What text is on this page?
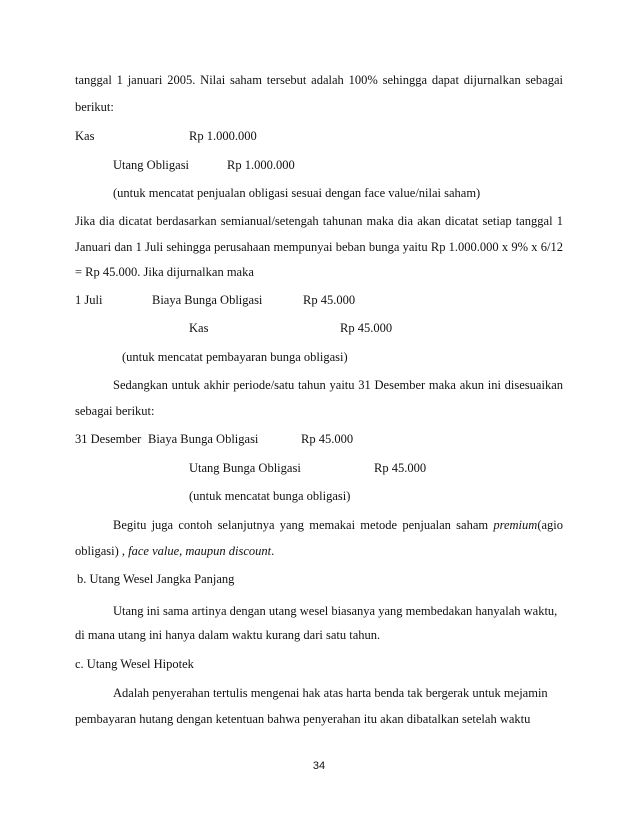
tanggal 1 januari 2005. Nilai saham tersebut adalah 100% sehingga dapat dijurnalkan sebagai
berikut:
Kas	Rp 1.000.000
Utang Obligasi	Rp 1.000.000
(untuk mencatat penjualan obligasi sesuai dengan face value/nilai saham)
Jika dia dicatat berdasarkan semianual/setengah tahunan maka dia akan dicatat setiap tanggal 1
Januari dan 1 Juli sehingga perusahaan mempunyai beban bunga yaitu Rp 1.000.000 x 9% x 6/12
= Rp 45.000. Jika dijurnalkan maka
1 Juli	Biaya Bunga Obligasi	Rp 45.000
Kas	Rp 45.000
(untuk mencatat pembayaran bunga obligasi)
Sedangkan untuk akhir periode/satu tahun yaitu 31 Desember maka akun ini disesuaikan
sebagai berikut:
31 Desember Biaya Bunga Obligasi	Rp 45.000
Utang Bunga Obligasi	Rp 45.000
(untuk mencatat bunga obligasi)
Begitu juga contoh selanjutnya yang memakai metode penjualan saham premium(agio
obligasi) , face value, maupun discount.
b. Utang Wesel Jangka Panjang
Utang ini sama artinya dengan utang wesel biasanya yang membedakan hanyalah waktu,
di mana utang ini hanya dalam waktu kurang dari satu tahun.
c. Utang Wesel Hipotek
Adalah penyerahan tertulis mengenai hak atas harta benda tak bergerak untuk mejamin
pembayaran hutang dengan ketentuan bahwa penyerahan itu akan dibatalkan setelah waktu
34
